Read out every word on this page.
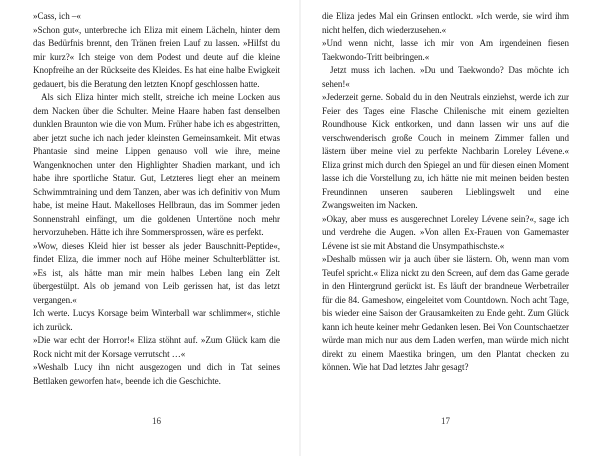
»Cass, ich –«

»Schon gut«, unterbreche ich Eliza mit einem Lächeln, hinter dem das Bedürfnis brennt, den Tränen freien Lauf zu lassen. »Hilfst du mir kurz?« Ich steige von dem Podest und deute auf die kleine Knopfreihe an der Rückseite des Kleides. Es hat eine halbe Ewigkeit gedauert, bis die Beratung den letzten Knopf geschlossen hatte.

Als sich Eliza hinter mich stellt, streiche ich meine Locken aus dem Nacken über die Schulter. Meine Haare haben fast denselben dunklen Braunton wie die von Mum. Früher habe ich es abgestritten, aber jetzt suche ich nach jeder kleinsten Gemeinsamkeit. Mit etwas Phantasie sind meine Lippen genauso voll wie ihre, meine Wangenknochen unter den Highlighter Shadien markant, und ich habe ihre sportliche Statur. Gut, Letzteres liegt eher an meinem Schwimmtraining und dem Tanzen, aber was ich definitiv von Mum habe, ist meine Haut. Makelloses Hellbraun, das im Sommer jeden Sonnenstrahl einfängt, um die goldenen Untertöne noch mehr hervorzuheben. Hätte ich ihre Sommersprossen, wäre es perfekt.

»Wow, dieses Kleid hier ist besser als jeder Bauschnitt-Peptide«, findet Eliza, die immer noch auf Höhe meiner Schulterblätter ist. »Es ist, als hätte man mir mein halbes Leben lang ein Zelt übergestülpt. Als ob jemand von Leib gerissen hat, ist das letzt vergangen.«

Ich werte. Lucys Korsage beim Winterball war schlimmer«, stichle ich zurück.

»Die war echt der Horror!« Eliza stöhnt auf. »Zum Glück kam die Rock nicht mit der Korsage verrutscht …«

»Weshalb Lucy ihn nicht ausgezogen und dich in Tat seines Bettlaken geworfen hat«, beende ich die Geschichte.

16

die Eliza jedes Mal ein Grinsen entlockt. »Ich werde, sie wird ihm nicht helfen, dich wiederzusehen.«

»Und wenn nicht, lasse ich mir von Am irgendeinen fiesen Taekwondo-Tritt beibringen.«

Jetzt muss ich lachen. »Du und Taekwondo? Das möchte ich sehen!«

»Jederzeit gerne. Sobald du in den Neutrals einziehst, werde ich zur Feier des Tages eine Flasche Chilenische mit einem gezielten Roundhouse Kick entkorken, und dann lassen wir uns auf die verschwenderisch große Couch in meinem Zimmer fallen und lästern über meine viel zu perfekte Nachbarin Loreley Lévene.« Eliza grinst mich durch den Spiegel an und für diesen einen Moment lasse ich die Vorstellung zu, ich hätte nie mit meinen beiden besten Freundinnen unseren sauberen Lieblingswelt und eine Zwangsweiten im Nacken.

»Okay, aber muss es ausgerechnet Loreley Lévene sein?«, sage ich und verdrehe die Augen. »Von allen Ex-Frauen von Gamemaster Lévene ist sie mit Abstand die Unsympathischste.«

»Deshalb müssen wir ja auch über sie lästern. Oh, wenn man vom Teufel spricht.« Eliza nickt zu den Screen, auf dem das Game gerade in den Hintergrund gerückt ist. Es läuft der brandneue Werbetrailer für die 84. Gameshow, eingeleitet vom Countdown. Noch acht Tage, bis wieder eine Saison der Grausamkeiten zu Ende geht. Zum Glück kann ich heute keiner mehr Gedanken lesen. Bei Von Countschaetzer würde man mich nur aus dem Laden werfen, man würde mich nicht direkt zu einem Maestika bringen, um den Plantat checken zu können. Wie hat Dad letztes Jahr gesagt?

17
